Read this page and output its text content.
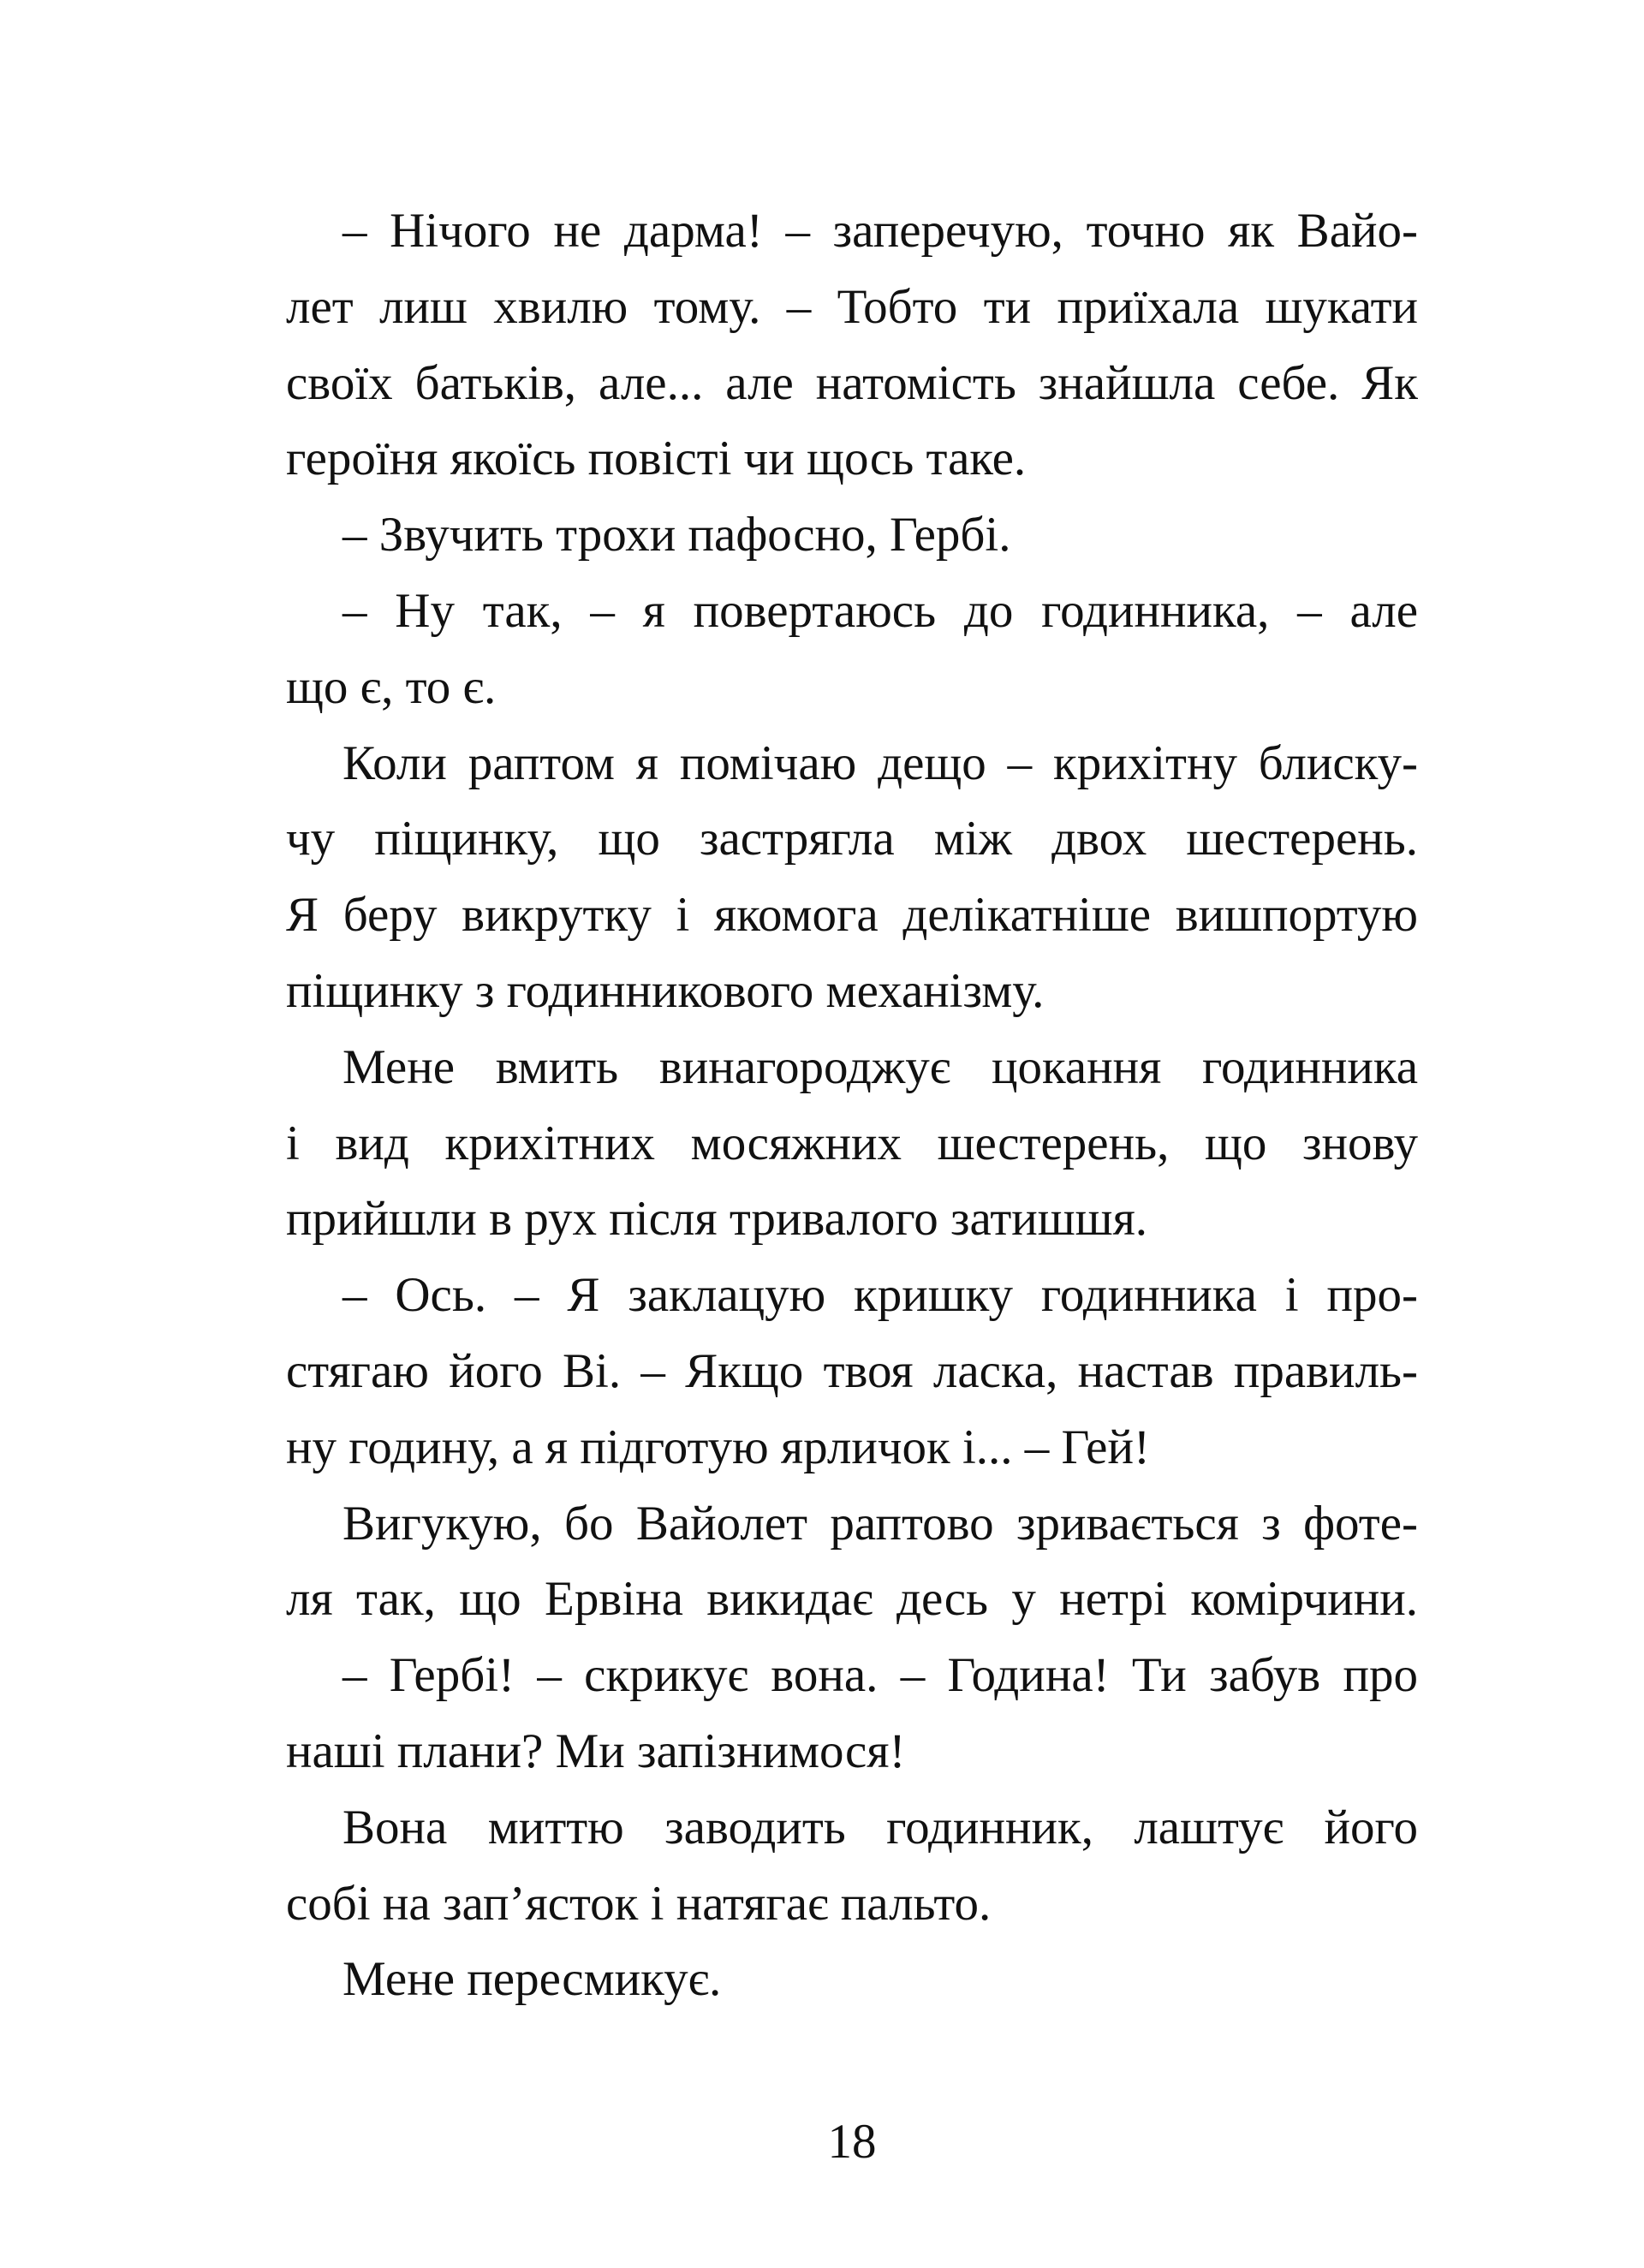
– Нічого не дарма! – заперечую, точно як Вайо-
лет лиш хвилю тому. – Тобто ти приїхала шукати
своїх батьків, але... але натомість знайшла себе. Як
героїня якоїсь повісті чи щось таке.
– Звучить трохи пафосно, Гербі.
– Ну так, – я повертаюсь до годинника, – але
що є, то є.
Коли раптом я помічаю дещо – крихітну блиску-
чу піщинку, що застрягла між двох шестерень.
Я беру викрутку і якомога делікатніше вишпортую
піщинку з годинникового механізму.
Мене вмить винагороджує цокання годинника
і вид крихітних мосяжних шестерень, що знову
прийшли в рух після тривалого затишшя.
– Ось. – Я заклацую кришку годинника і про-
стягаю його Ві. – Якщо твоя ласка, настав правиль-
ну годину, а я підготую ярличок і... – Гей!
Вигукую, бо Вайолет раптово зривається з фоте-
ля так, що Ервіна викидає десь у нетрі комірчини.
– Гербі! – скрикує вона. – Година! Ти забув про
наші плани? Ми запізнимося!
Вона миттю заводить годинник, лаштує його
собі на зап’ясток і натягає пальто.
Мене пересмикує.
18
